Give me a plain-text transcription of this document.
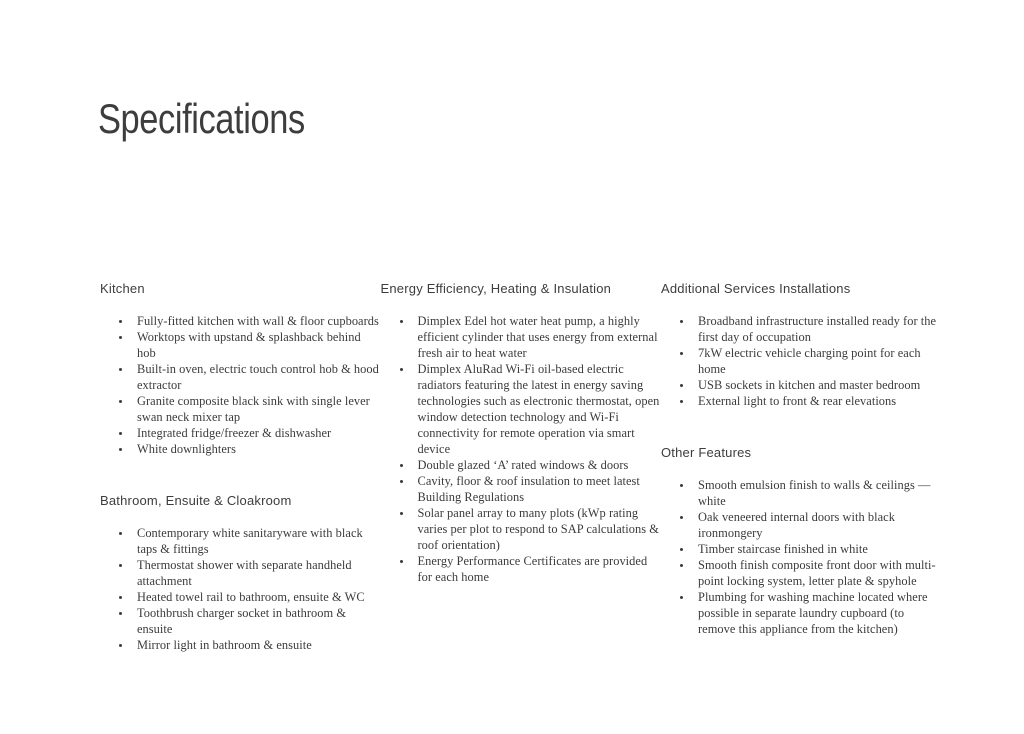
Specifications
Kitchen
Fully-fitted kitchen with wall & floor cupboards
Worktops with upstand & splashback behind  hob
Built-in oven, electric touch control hob & hood extractor
Granite composite black sink with single lever swan neck mixer tap
Integrated fridge/freezer & dishwasher
White downlighters
Bathroom, Ensuite & Cloakroom
Contemporary white sanitaryware with black taps & fittings
Thermostat shower with separate handheld attachment
Heated towel rail to bathroom, ensuite & WC
Toothbrush charger socket in bathroom & ensuite
Mirror light in bathroom & ensuite
Energy Efficiency, Heating & Insulation
Dimplex Edel hot water heat pump, a highly efficient cylinder that uses energy from external fresh air to heat water
Dimplex AluRad Wi-Fi oil-based electric radiators featuring the latest in energy saving technologies such as electronic thermostat, open window detection technology and Wi-Fi connectivity for remote operation via smart device
Double glazed ‘A’ rated windows & doors
Cavity, floor & roof insulation to meet latest Building Regulations
Solar panel array to many plots (kWp rating varies per plot to respond to SAP calculations & roof orientation)
Energy Performance Certificates are provided for each home
Additional Services Installations
Broadband infrastructure installed ready for the first day of occupation
7kW electric vehicle charging point for each home
USB sockets in kitchen and master bedroom
External light to front & rear elevations
Other Features
Smooth emulsion finish to walls & ceilings — white
Oak veneered internal doors with black ironmongery
Timber staircase finished in white
Smooth finish composite front door with multi-point locking system, letter plate & spyhole
Plumbing for washing machine located where possible in separate laundry cupboard (to remove this appliance from the kitchen)
